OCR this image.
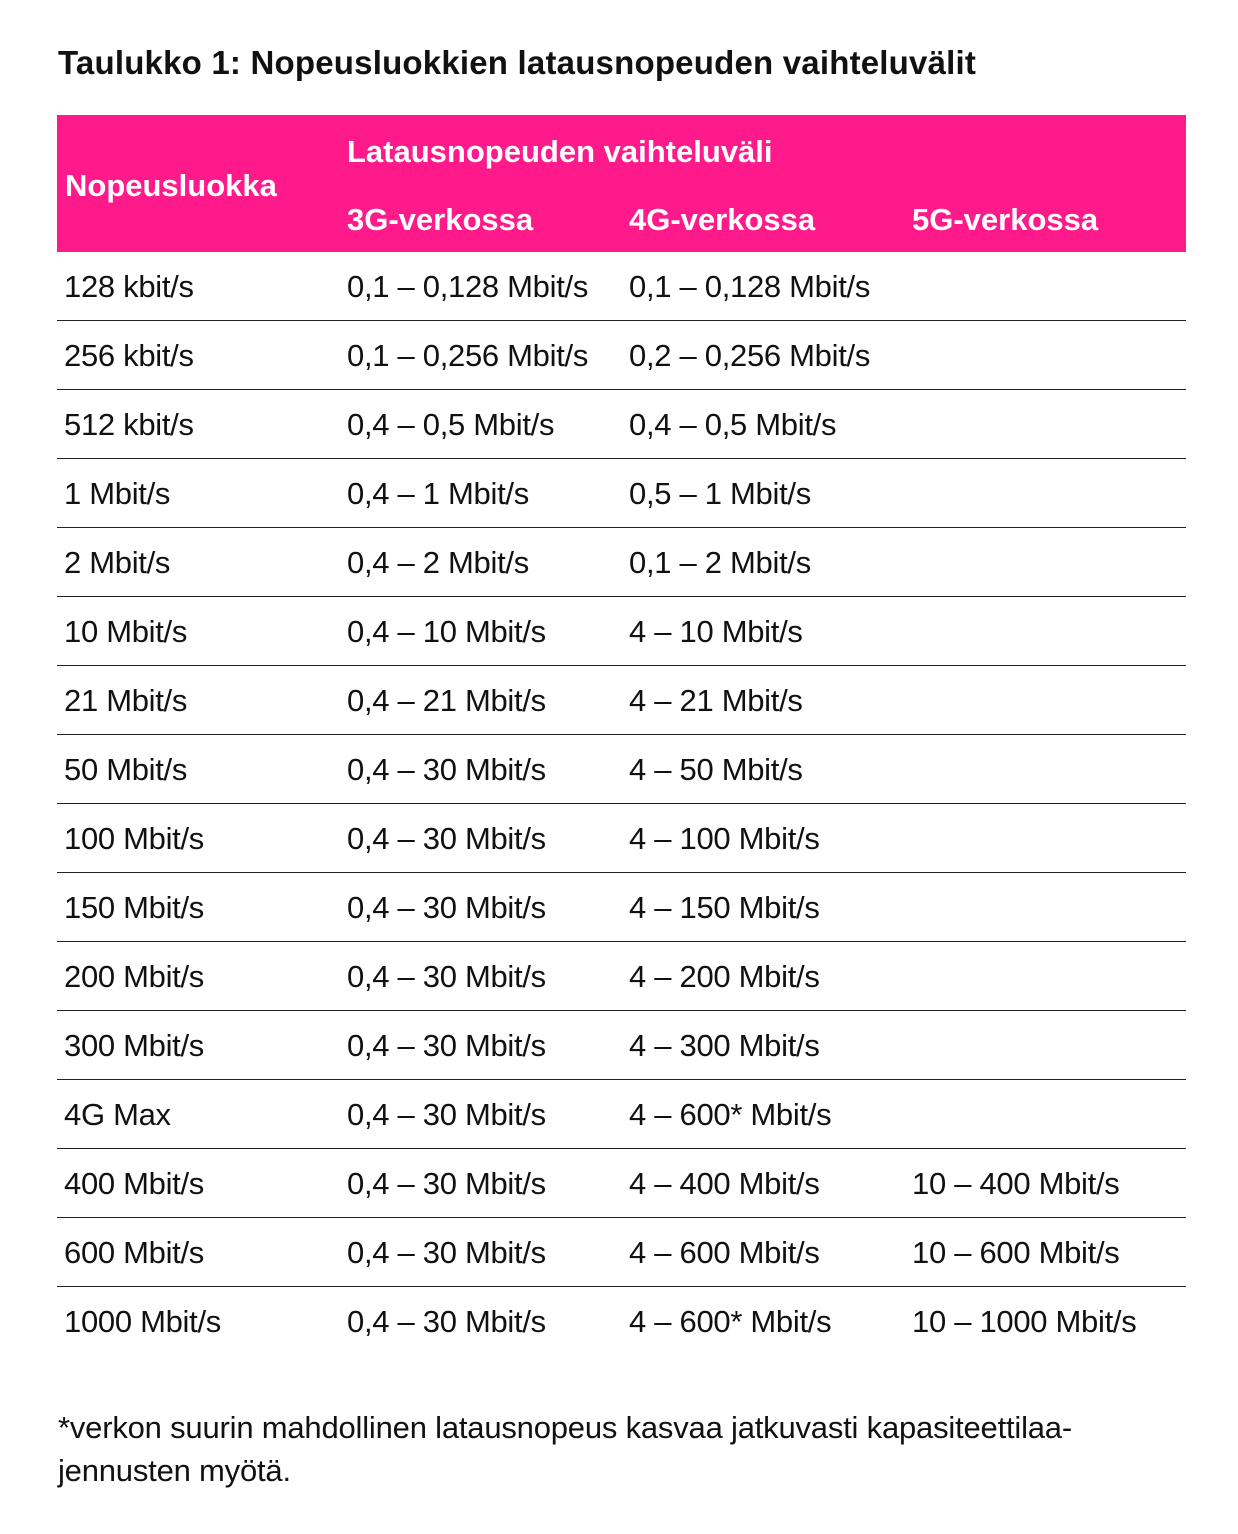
Taulukko 1: Nopeusluokkien latausnopeuden vaihteluvälit
Nopeusluokka
Latausnopeuden vaihteluväli
3G-verkossa	4G-verkossa	5G-verkossa
128 kbit/s	0,1 – 0,128 Mbit/s 0,1 – 0,128 Mbit/s
256 kbit/s	0,1 – 0,256 Mbit/s 0,2 – 0,256 Mbit/s
512 kbit/s	0,4 – 0,5 Mbit/s 0,4 – 0,5 Mbit/s
1 Mbit/s	0,4 – 1 Mbit/s	0,5 – 1 Mbit/s
2 Mbit/s	0,4 – 2 Mbit/s	0,1 – 2 Mbit/s
10 Mbit/s	0,4 – 10 Mbit/s	4 – 10 Mbit/s
21 Mbit/s	0,4 – 21 Mbit/s	4 – 21 Mbit/s
50 Mbit/s	0,4 – 30 Mbit/s	4 – 50 Mbit/s
100 Mbit/s	0,4 – 30 Mbit/s	4 – 100 Mbit/s
150 Mbit/s	0,4 – 30 Mbit/s	4 – 150 Mbit/s
200 Mbit/s	0,4 – 30 Mbit/s	4 – 200 Mbit/s
300 Mbit/s	0,4 – 30 Mbit/s	4 – 300 Mbit/s
4G Max	0,4 – 30 Mbit/s	4 – 600* Mbit/s
400 Mbit/s	0,4 – 30 Mbit/s	4 – 400 Mbit/s	10 – 400 Mbit/s
600 Mbit/s	0,4 – 30 Mbit/s	4 – 600 Mbit/s	10 – 600 Mbit/s
1000 Mbit/s	0,4 – 30 Mbit/s	4 – 600* Mbit/s	10 – 1000 Mbit/s
*verkon suurin mahdollinen latausnopeus kasvaa jatkuvasti kapasiteettilaajennusten myötä.
